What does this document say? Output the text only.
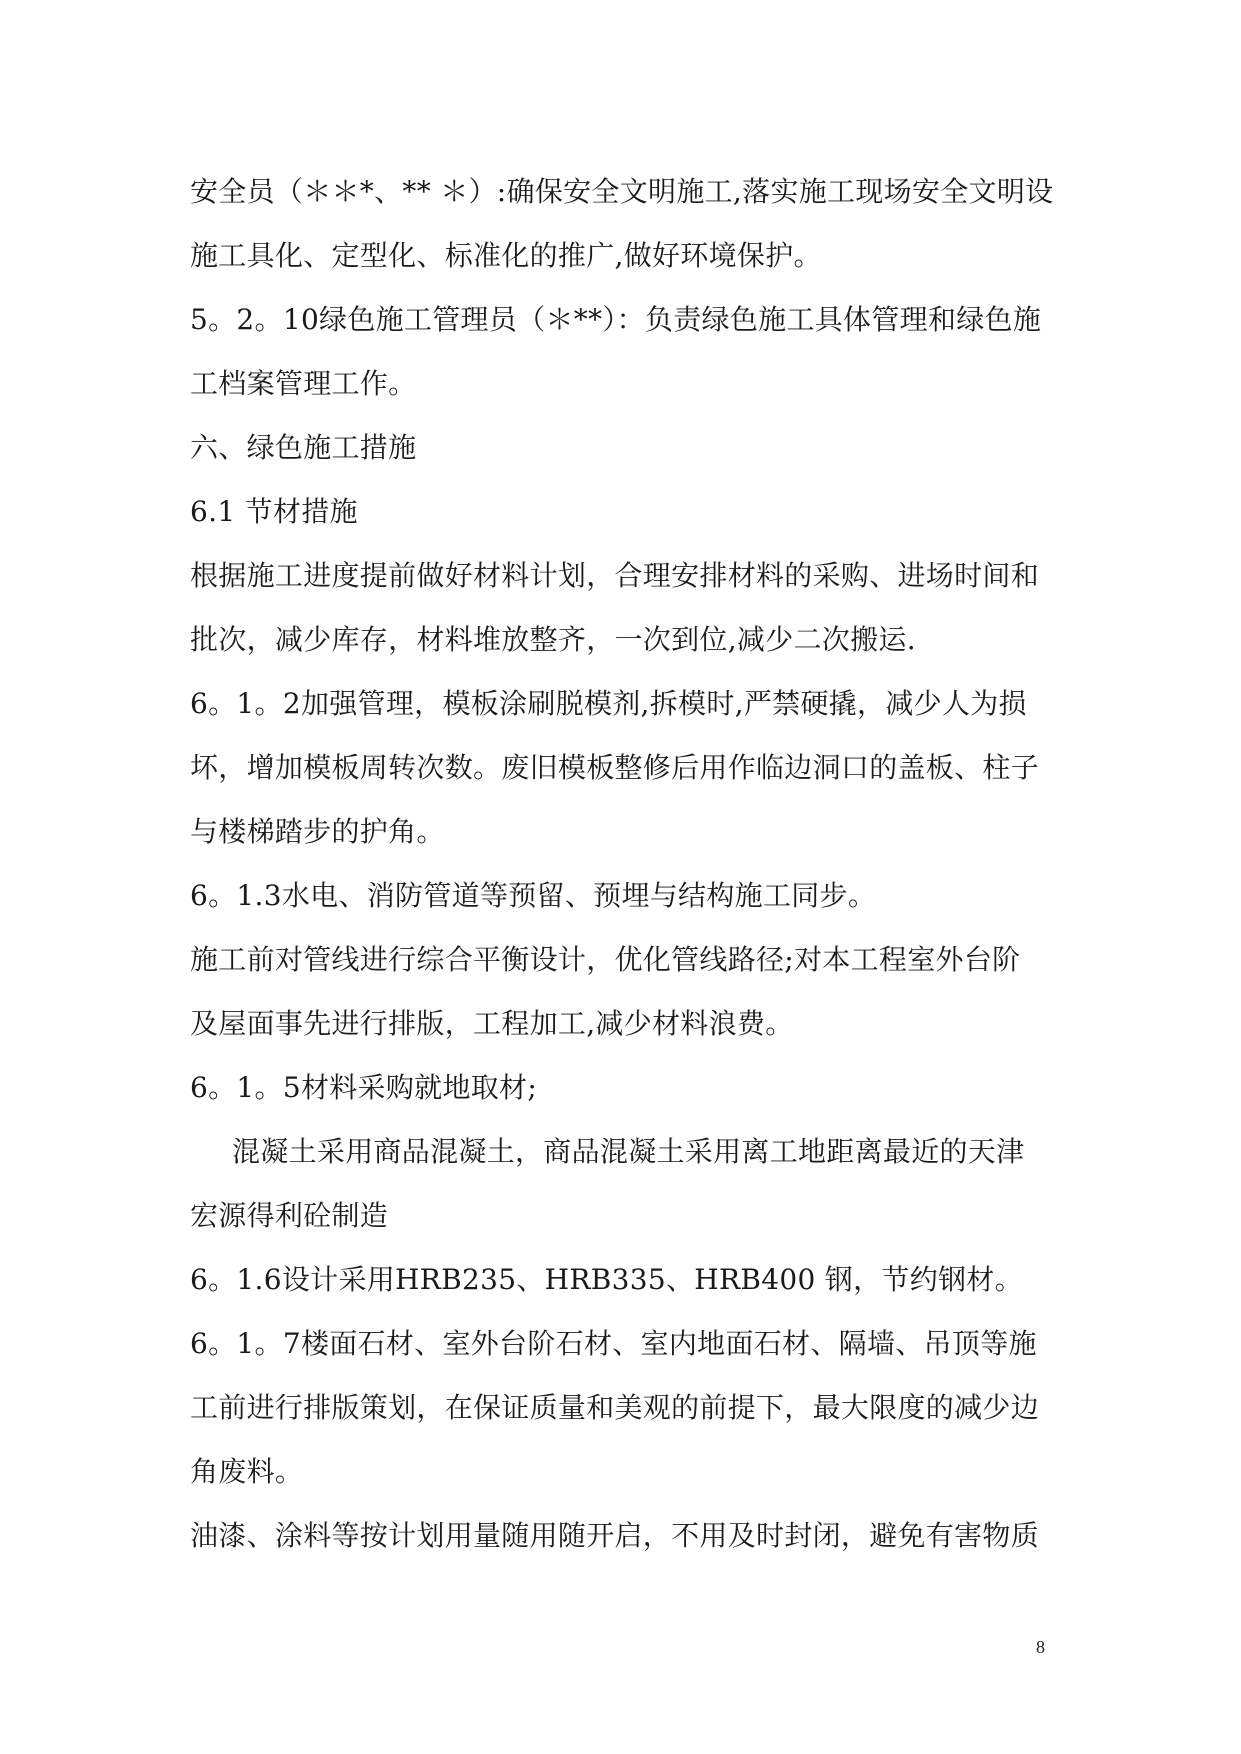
安全员（＊＊*、** ＊）:确保安全文明施工,落实施工现场安全文明设
施工具化、定型化、标准化的推广,做好环境保护。
5。2。10绿色施工管理员（＊**）：负责绿色施工具体管理和绿色施
工档案管理工作。
六、绿色施工措施
6.1 节材措施
根据施工进度提前做好材料计划，合理安排材料的采购、进场时间和
批次，减少库存，材料堆放整齐，一次到位,减少二次搬运.
6。1。2加强管理，模板涂刷脱模剂,拆模时,严禁硬撬，减少人为损
坏，增加模板周转次数。废旧模板整修后用作临边洞口的盖板、柱子
与楼梯踏步的护角。
6。1.3水电、消防管道等预留、预埋与结构施工同步。
施工前对管线进行综合平衡设计，优化管线路径;对本工程室外台阶
及屋面事先进行排版，工程加工,减少材料浪费。
6。1。5材料采购就地取材;
混凝土采用商品混凝土，商品混凝土采用离工地距离最近的天津
宏源得利砼制造
6。1.6设计采用HRB235、HRB335、HRB400 钢，节约钢材。
6。1。7楼面石材、室外台阶石材、室内地面石材、隔墙、吊顶等施
工前进行排版策划，在保证质量和美观的前提下，最大限度的减少边
角废料。
油漆、涂料等按计划用量随用随开启，不用及时封闭，避免有害物质
8
